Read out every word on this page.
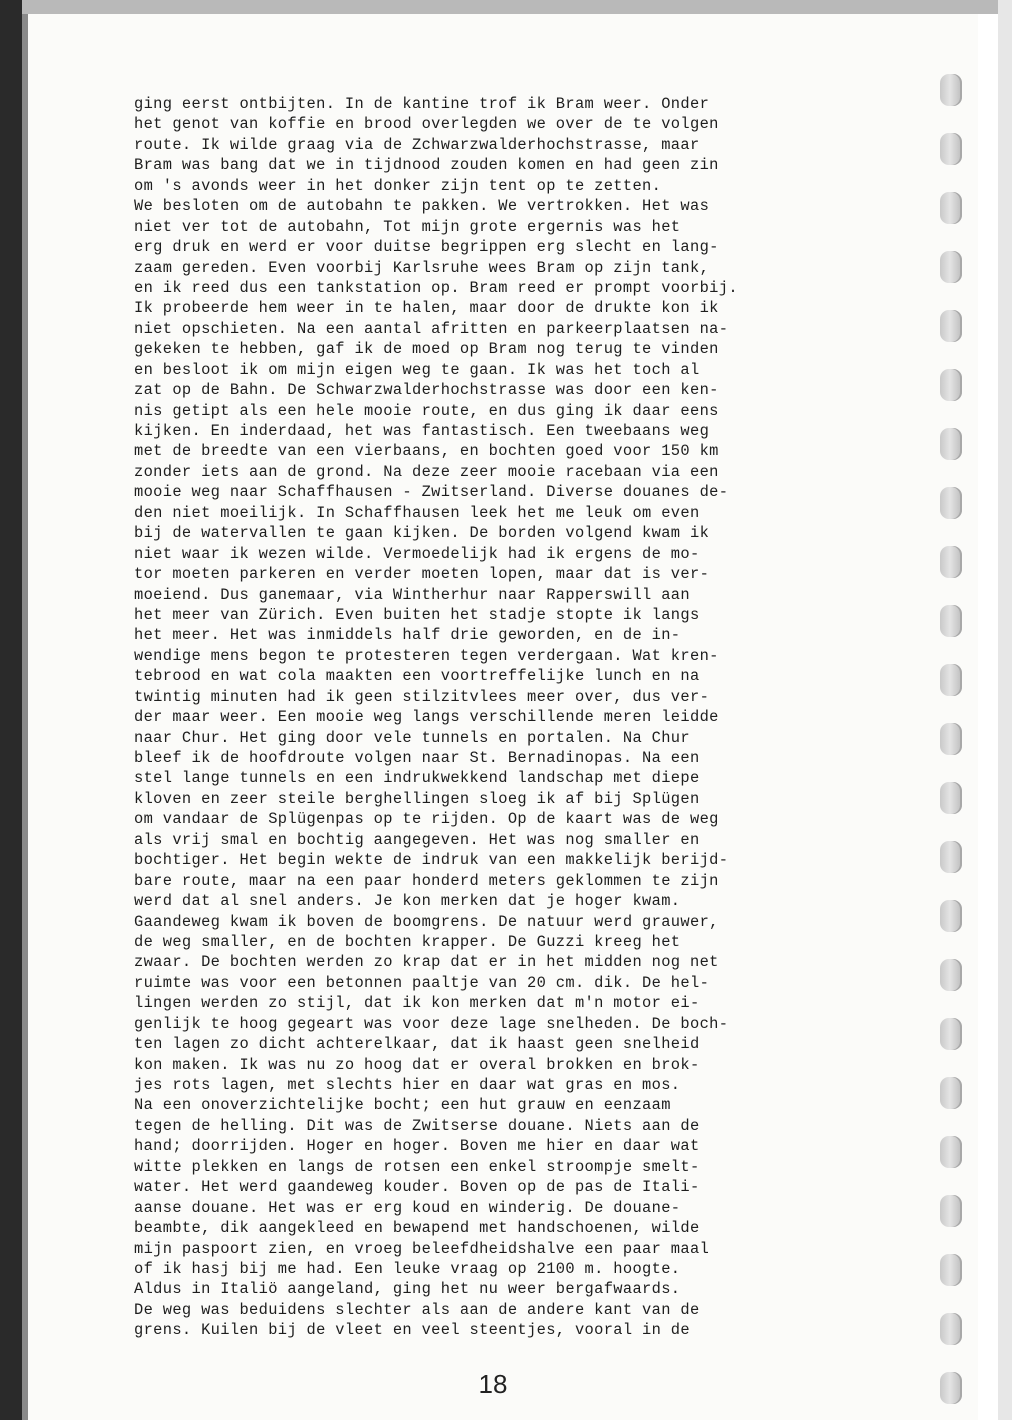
ging eerst ontbijten. In de kantine trof ik Bram weer. Onder
het genot van koffie en brood overlegden we over de te volgen
route. Ik wilde graag via de Zchwarzwalderhochstrasse, maar
Bram was bang dat we in tijdnood zouden komen en had geen zin
om 's avonds weer in het donker zijn tent op te zetten.
We besloten om de autobahn te pakken. We vertrokken. Het was
niet ver tot de autobahn, Tot mijn grote ergernis was het
erg druk en werd er voor duitse begrippen erg slecht en lang-
zaam gereden. Even voorbij Karlsruhe wees Bram op zijn tank,
en ik reed dus een tankstation op. Bram reed er prompt voorbij.
Ik probeerde hem weer in te halen, maar door de drukte kon ik
niet opschieten. Na een aantal afritten en parkeerplaatsen na-
gekeken te hebben, gaf ik de moed op Bram nog terug te vinden
en besloot ik om mijn eigen weg te gaan. Ik was het toch al
zat op de Bahn. De Schwarzwalderhochstrasse was door een ken-
nis getipt als een hele mooie route, en dus ging ik daar eens
kijken. En inderdaad, het was fantastisch. Een tweebaans weg
met de breedte van een vierbaans, en bochten goed voor 150 km
zonder iets aan de grond. Na deze zeer mooie racebaan via een
mooie weg naar Schaffhausen - Zwitserland. Diverse douanes de-
den niet moeilijk. In Schaffhausen leek het me leuk om even
bij de watervallen te gaan kijken. De borden volgend kwam ik
niet waar ik wezen wilde. Vermoedelijk had ik ergens de mo-
tor moeten parkeren en verder moeten lopen, maar dat is ver-
moeiend. Dus ganemaar, via Wintherhur naar Rapperswill aan
het meer van Zürich. Even buiten het stadje stopte ik langs
het meer. Het was inmiddels half drie geworden, en de in-
wendige mens begon te protesteren tegen verdergaan. Wat kren-
tebrood en wat cola maakten een voortreffelijke lunch en na
twintig minuten had ik geen stilzitvlees meer over, dus ver-
der maar weer. Een mooie weg langs verschillende meren leidde
naar Chur. Het ging door vele tunnels en portalen. Na Chur
bleef ik de hoofdroute volgen naar St. Bernadinopas. Na een
stel lange tunnels en een indrukwekkend landschap met diepe
kloven en zeer steile berghellingen sloeg ik af bij Splügen
om vandaar de Splügenpas op te rijden. Op de kaart was de weg
als vrij smal en bochtig aangegeven. Het was nog smaller en
bochtiger. Het begin wekte de indruk van een makkelijk berijd-
bare route, maar na een paar honderd meters geklommen te zijn
werd dat al snel anders. Je kon merken dat je hoger kwam.
Gaandeweg kwam ik boven de boomgrens. De natuur werd grauwer,
de weg smaller, en de bochten krapper. De Guzzi kreeg het
zwaar. De bochten werden zo krap dat er in het midden nog net
ruimte was voor een betonnen paaltje van 20 cm. dik. De hel-
lingen werden zo stijl, dat ik kon merken dat m'n motor ei-
genlijk te hoog gegeart was voor deze lage snelheden. De boch-
ten lagen zo dicht achterelkaar, dat ik haast geen snelheid
kon maken. Ik was nu zo hoog dat er overal brokken en brok-
jes rots lagen, met slechts hier en daar wat gras en mos.
Na een onoverzichtelijke bocht; een hut grauw en eenzaam
tegen de helling. Dit was de Zwitserse douane. Niets aan de
hand; doorrijden. Hoger en hoger. Boven me hier en daar wat
witte plekken en langs de rotsen een enkel stroompje smelt-
water. Het werd gaandeweg kouder. Boven op de pas de Itali-
aanse douane. Het was er erg koud en winderig. De douane-
beambte, dik aangekleed en bewapend met handschoenen, wilde
mijn paspoort zien, en vroeg beleefdheidshalve een paar maal
of ik hasj bij me had. Een leuke vraag op 2100 m. hoogte.
Aldus in Italiö aangeland, ging het nu weer bergafwaards.
De weg was beduidens slechter als aan de andere kant van de
grens. Kuilen bij de vleet en veel steentjes, vooral in de
18
